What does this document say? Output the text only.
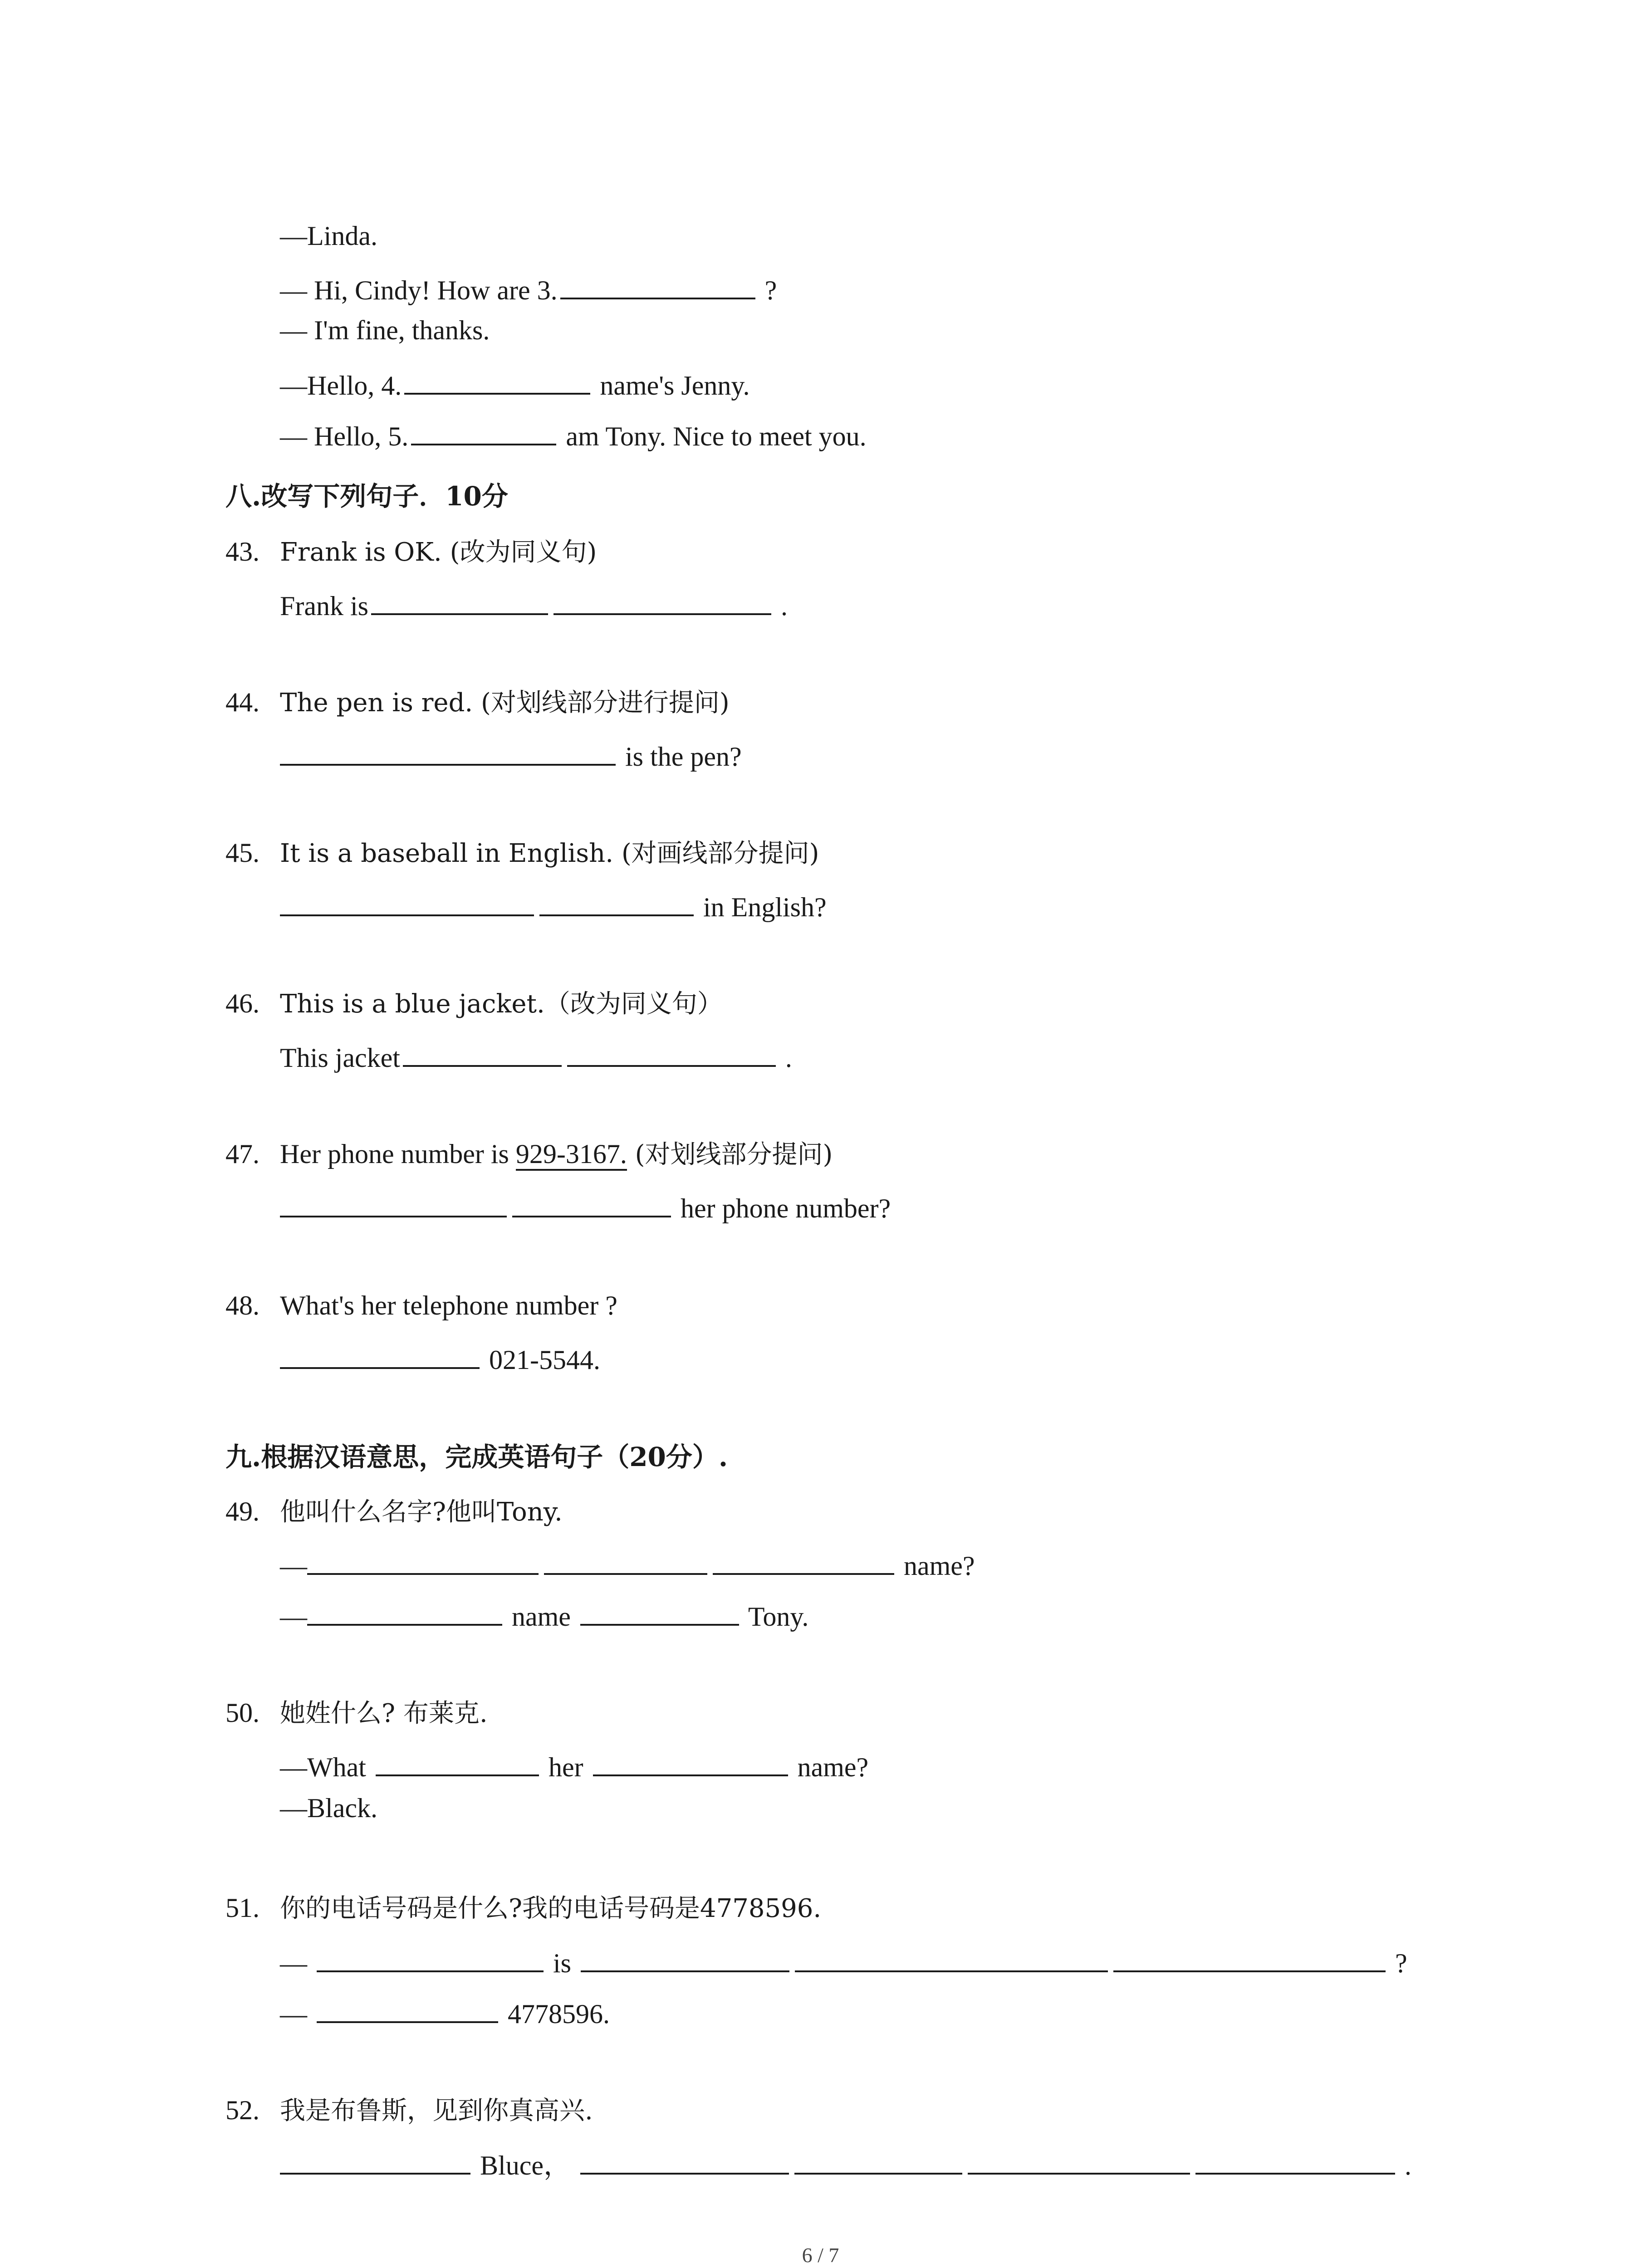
—Linda.
— Hi, Cindy! How are 3.	?
— I'm fine, thanks.
—Hello, 4.	name's Jenny.
— Hello, 5.	am Tony. Nice to meet you.
八.改写下列句子．10分
43. Frank is OK. (改为同义句)
Frank is	.
44. The pen is red. (对划线部分进行提问)
is the pen?
45. It is a baseball in English. (对画线部分提问)
in English?
46. This is a blue jacket.（改为同义句）
This jacket	.
47. Her phone number is 929-3167. (对划线部分提问)
her phone number?
48. What's her telephone number ?
021-5544.
九.根据汉语意思，完成英语句子（20分）.
49. 他叫什么名字?他叫Tony.
—	name?
—	name	Tony.
50. 她姓什么? 布莱克.
—What	her	name?
—Black.
51. 你的电话号码是什么?我的电话号码是4778596.
—	is	?
—	4778596.
52. 我是布鲁斯，见到你真高兴.
Bluce，	.
6 / 7
